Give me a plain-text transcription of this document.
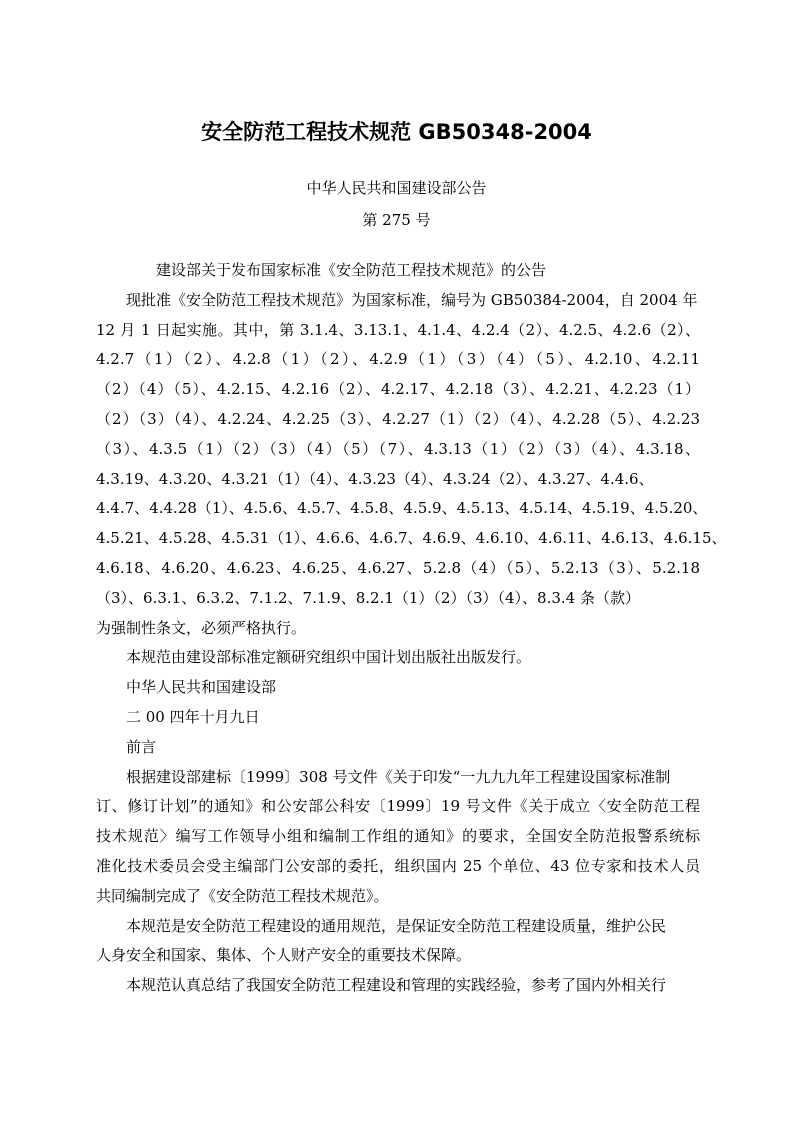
安全防范工程技术规范 GB50348-2004
中华人民共和国建设部公告
第 275 号

建设部关于发布国家标准《安全防范工程技术规范》的公告

现批准《安全防范工程技术规范》为国家标准，编号为 GB50384-2004，自 2004 年
12 月 1 日起实施。其中，第 3.1.4、3.13.1、4.1.4、4.2.4（2）、4.2.5、4.2.6（2）、
4.2.7（1）（2）、4.2.8（1）（2）、4.2.9（1）（3）（4）（5）、4.2.10、4.2.11
（2）（4）（5）、4.2.15、4.2.16（2）、4.2.17、4.2.18（3）、4.2.21、4.2.23（1）
（2）（3）（4）、4.2.24、4.2.25（3）、4.2.27（1）（2）（4）、4.2.28（5）、4.2.23
（3）、4.3.5（1）（2）（3）（4）（5）（7）、4.3.13（1）（2）（3）（4）、4.3.18、
4.3.19、4.3.20、4.3.21（1）（4）、4.3.23（4）、4.3.24（2）、4.3.27、4.4.6、
4.4.7、4.4.28（1）、4.5.6、4.5.7、4.5.8、4.5.9、4.5.13、4.5.14、4.5.19、4.5.20、
4.5.21、4.5.28、4.5.31（1）、4.6.6、4.6.7、4.6.9、4.6.10、4.6.11、4.6.13、4.6.15、
4.6.18、4.6.20、4.6.23、4.6.25、4.6.27、5.2.8（4）（5）、5.2.13（3）、5.2.18
（3）、6.3.1、6.3.2、7.1.2、7.1.9、8.2.1（1）（2）（3）（4）、8.3.4 条（款）
为强制性条文，必须严格执行。

本规范由建设部标准定额研究组织中国计划出版社出版发行。

中华人民共和国建设部

二 00 四年十月九日

前言

根据建设部建标〔1999〕308 号文件《关于印发“一九九九年工程建设国家标准制
订、修订计划”的通知》和公安部公科安〔1999〕19 号文件《关于成立〈安全防范工程
技术规范〉编写工作领导小组和编制工作组的通知》的要求，全国安全防范报警系统标
准化技术委员会受主编部门公安部的委托，组织国内 25 个单位、43 位专家和技术人员
共同编制完成了《安全防范工程技术规范》。
本规范是安全防范工程建设的通用规范，是保证安全防范工程建设质量，维护公民
人身安全和国家、集体、个人财产安全的重要技术保障。
本规范认真总结了我国安全防范工程建设和管理的实践经验，参考了国内外相关行
